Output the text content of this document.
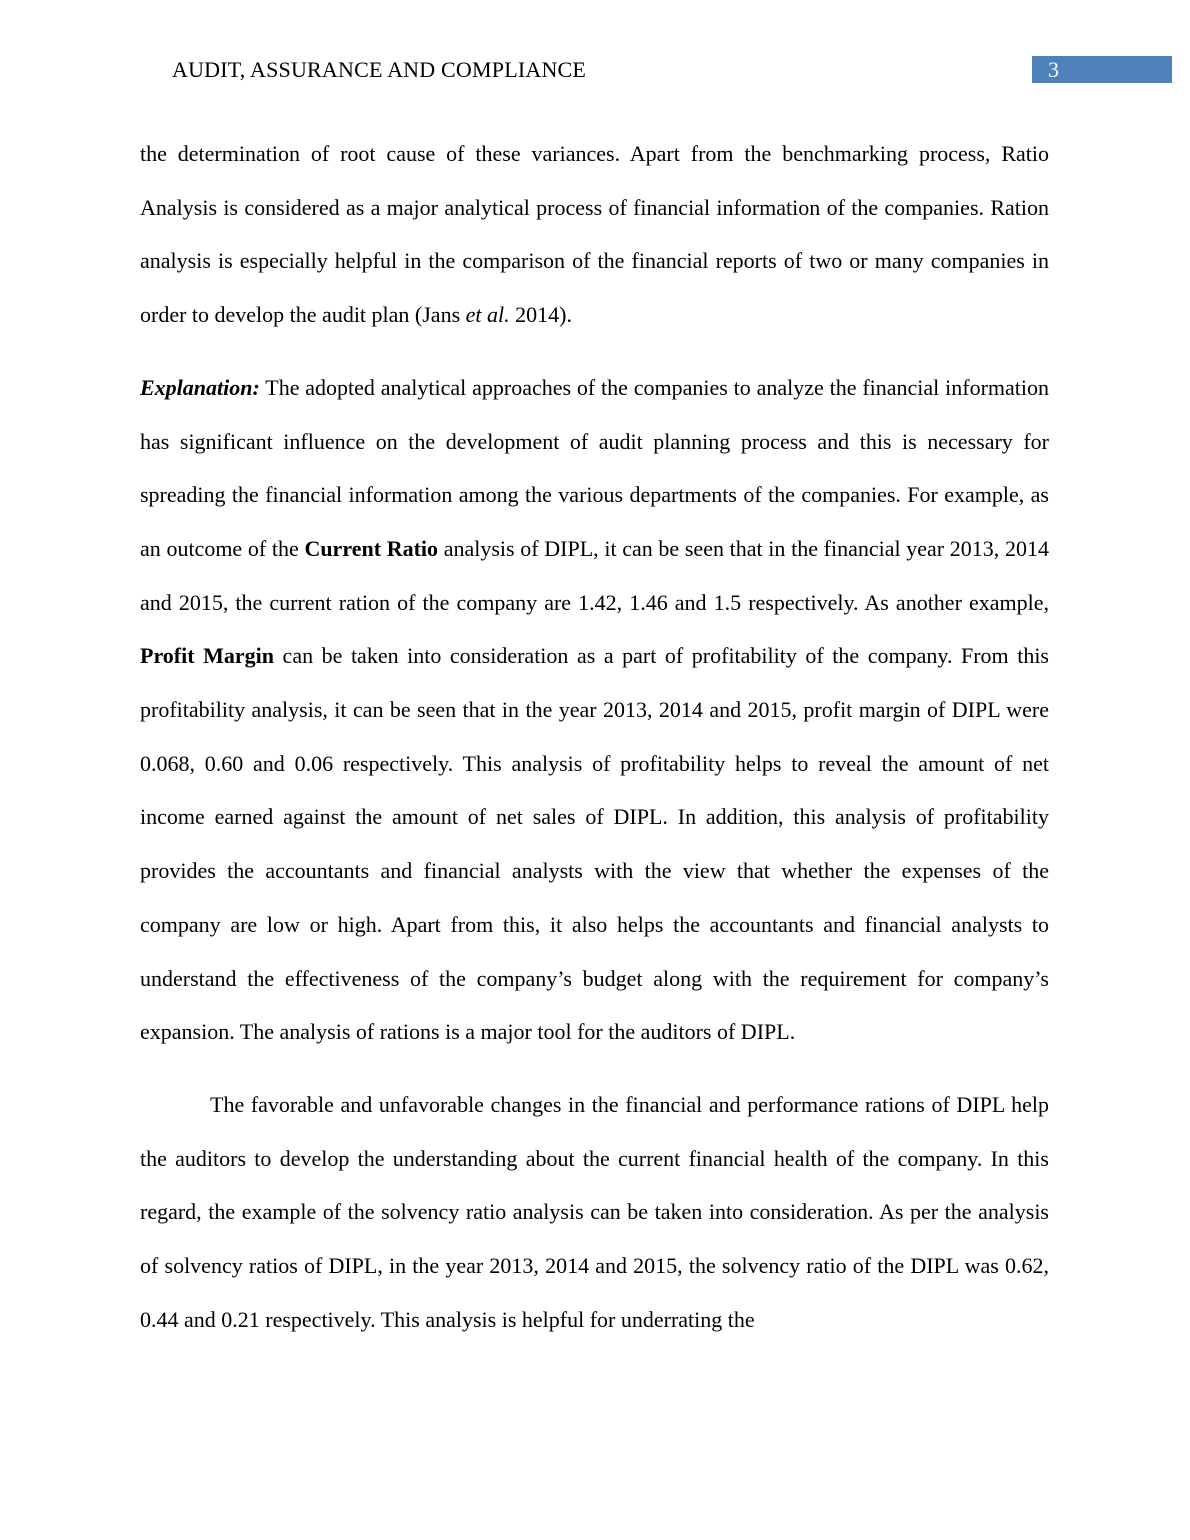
AUDIT, ASSURANCE AND COMPLIANCE	3

the determination of root cause of these variances. Apart from the benchmarking process, Ratio Analysis is considered as a major analytical process of financial information of the companies. Ration analysis is especially helpful in the comparison of the financial reports of two or many companies in order to develop the audit plan (Jans et al. 2014).

Explanation: The adopted analytical approaches of the companies to analyze the financial information has significant influence on the development of audit planning process and this is necessary for spreading the financial information among the various departments of the companies. For example, as an outcome of the Current Ratio analysis of DIPL, it can be seen that in the financial year 2013, 2014 and 2015, the current ration of the company are 1.42, 1.46 and 1.5 respectively. As another example, Profit Margin can be taken into consideration as a part of profitability of the company. From this profitability analysis, it can be seen that in the year 2013, 2014 and 2015, profit margin of DIPL were 0.068, 0.60 and 0.06 respectively. This analysis of profitability helps to reveal the amount of net income earned against the amount of net sales of DIPL. In addition, this analysis of profitability provides the accountants and financial analysts with the view that whether the expenses of the company are low or high. Apart from this, it also helps the accountants and financial analysts to understand the effectiveness of the company’s budget along with the requirement for company’s expansion. The analysis of rations is a major tool for the auditors of DIPL.

The favorable and unfavorable changes in the financial and performance rations of DIPL help the auditors to develop the understanding about the current financial health of the company. In this regard, the example of the solvency ratio analysis can be taken into consideration. As per the analysis of solvency ratios of DIPL, in the year 2013, 2014 and 2015, the solvency ratio of the DIPL was 0.62, 0.44 and 0.21 respectively. This analysis is helpful for underrating the
